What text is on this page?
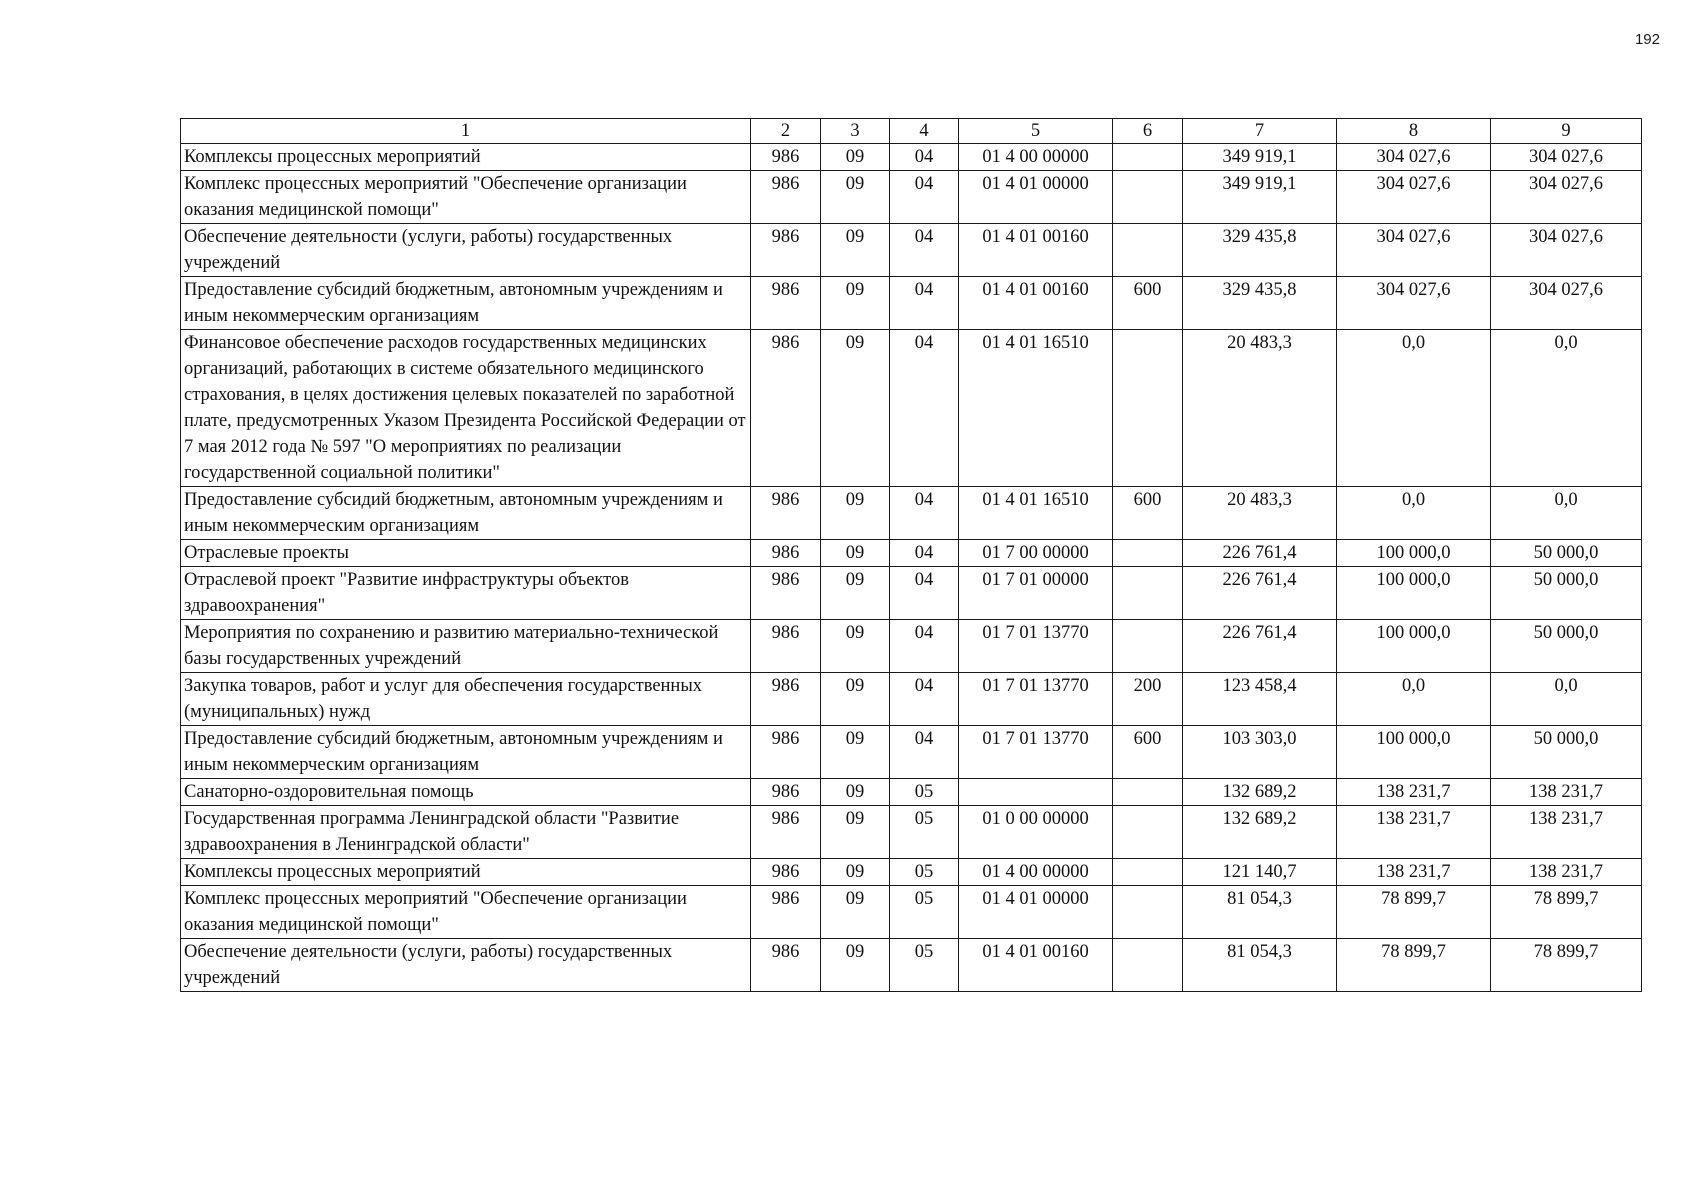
192
1	2	3	4	5	6	7	8	9
Комплексы процессных мероприятий	986	09	04	01 4 00 00000		349 919,1	304 027,6	304 027,6
Комплекс процессных мероприятий "Обеспечение организации оказания медицинской помощи"	986	09	04	01 4 01 00000		349 919,1	304 027,6	304 027,6
Обеспечение деятельности (услуги, работы) государственных учреждений	986	09	04	01 4 01 00160		329 435,8	304 027,6	304 027,6
Предоставление субсидий бюджетным, автономным учреждениям и иным некоммерческим организациям	986	09	04	01 4 01 00160	600	329 435,8	304 027,6	304 027,6
Финансовое обеспечение расходов государственных медицинских организаций, работающих в системе обязательного медицинского страхования, в целях достижения целевых показателей по заработной плате, предусмотренных Указом Президента Российской Федерации от 7 мая 2012 года № 597 "О мероприятиях по реализации государственной социальной политики"	986	09	04	01 4 01 16510		20 483,3	0,0	0,0
Предоставление субсидий бюджетным, автономным учреждениям и иным некоммерческим организациям	986	09	04	01 4 01 16510	600	20 483,3	0,0	0,0
Отраслевые проекты	986	09	04	01 7 00 00000		226 761,4	100 000,0	50 000,0
Отраслевой проект "Развитие инфраструктуры объектов здравоохранения"	986	09	04	01 7 01 00000		226 761,4	100 000,0	50 000,0
Мероприятия по сохранению и развитию материально-технической базы государственных учреждений	986	09	04	01 7 01 13770		226 761,4	100 000,0	50 000,0
Закупка товаров, работ и услуг для обеспечения государственных (муниципальных) нужд	986	09	04	01 7 01 13770	200	123 458,4	0,0	0,0
Предоставление субсидий бюджетным, автономным учреждениям и иным некоммерческим организациям	986	09	04	01 7 01 13770	600	103 303,0	100 000,0	50 000,0
Санаторно-оздоровительная помощь	986	09	05			132 689,2	138 231,7	138 231,7
Государственная программа Ленинградской области "Развитие здравоохранения в Ленинградской области"	986	09	05	01 0 00 00000		132 689,2	138 231,7	138 231,7
Комплексы процессных мероприятий	986	09	05	01 4 00 00000		121 140,7	138 231,7	138 231,7
Комплекс процессных мероприятий "Обеспечение организации оказания медицинской помощи"	986	09	05	01 4 01 00000		81 054,3	78 899,7	78 899,7
Обеспечение деятельности (услуги, работы) государственных учреждений	986	09	05	01 4 01 00160		81 054,3	78 899,7	78 899,7
